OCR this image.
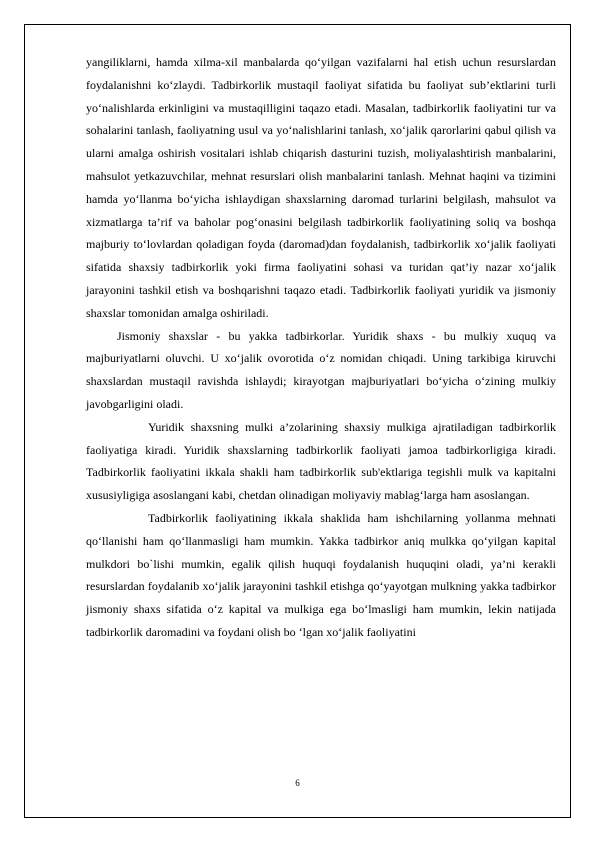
yangiliklarni, hamda xilma-xil manbalarda qo‘yilgan vazifalarni hal etish uchun resurslardan foydalanishni ko‘zlaydi. Tadbirkorlik mustaqil faoliyat sifatida bu faoliyat sub’ektlarini turli yo‘nalishlarda erkinligini va mustaqilligini taqazo etadi. Masalan, tadbirkorlik faoliyatini tur va sohalarini tanlash, faoliyatning usul va yo‘nalishlarini tanlash, xo‘jalik qarorlarini qabul qilish va ularni amalga oshirish vositalari ishlab chiqarish dasturini tuzish, moliyalashtirish manbalarini, mahsulot yetkazuvchilar, mehnat resurslari olish manbalarini tanlash. Mehnat haqini va tizimini hamda yo‘llanma bo‘yicha ishlaydigan shaxslarning daromad turlarini belgilash, mahsulot va xizmatlarga ta’rif va baholar pog‘onasini belgilash tadbirkorlik faoliyatining soliq va boshqa majburiy to‘lovlardan qoladigan foyda (daromad)dan foydalanish, tadbirkorlik xo‘jalik faoliyati sifatida shaxsiy tadbirkorlik yoki firma faoliyatini sohasi va turidan qat’iy nazar xo‘jalik jarayonini tashkil etish va boshqarishni taqazo etadi. Tadbirkorlik faoliyati yuridik va jismoniy shaxslar tomonidan amalga oshiriladi.

Jismoniy shaxslar - bu yakka tadbirkorlar. Yuridik shaxs - bu mulkiy xuquq va majburiyatlarni oluvchi. U xo‘jalik ovorotida o‘z nomidan chiqadi. Uning tarkibiga kiruvchi shaxslardan mustaqil ravishda ishlaydi; kirayotgan majburiyatlari bo‘yicha o‘zining mulkiy javobgarligini oladi.

Yuridik shaxsning mulki a’zolarining shaxsiy mulkiga ajratiladigan tadbirkorlik faoliyatiga kiradi. Yuridik shaxslarning tadbirkorlik faoliyati jamoa tadbirkorligiga kiradi. Tadbirkorlik faoliyatini ikkala shakli ham tadbirkorlik sub'ektlariga tegishli mulk va kapitalni xususiyligiga asoslangani kabi, chetdan olinadigan moliyaviy mablag‘larga ham asoslangan.

Tadbirkorlik faoliyatining ikkala shaklida ham ishchilarning yollanma mehnati qo‘llanishi ham qo‘llanmasligi ham mumkin. Yakka tadbirkor aniq mulkka qo‘yilgan kapital mulkdori bo`lishi mumkin, egalik qilish huquqi foydalanish huquqini oladi, ya’ni kerakli resurslardan foydalanib xo‘jalik jarayonini tashkil etishga qo‘yayotgan mulkning yakka tadbirkor jismoniy shaxs sifatida o‘z kapital va mulkiga ega bo‘lmasligi ham mumkin, lekin natijada tadbirkorlik daromadini va foydani olish bo ‘lgan xo‘jalik faoliyatini

6
